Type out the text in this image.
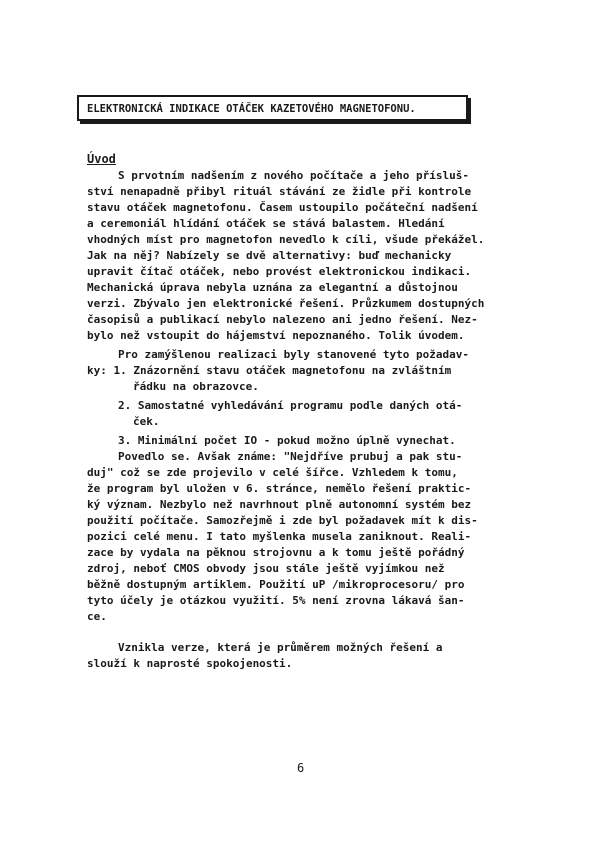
ELEKTRONICKÁ INDIKACE OTÁČEK KAZETOVÉHO MAGNETOFONU.
Úvod
S prvotním nadšením z nového počítače a jeho přísluš-
ství nenapadně přibyl rituál stávání ze židle při kontrole
stavu otáček magnetofonu. Časem ustoupilo počáteční nadšení
a ceremoniál hlídání otáček se stává balastem. Hledání
vhodných míst pro magnetofon nevedlo k cíli, všude překážel.
Jak na něj? Nabízely se dvě alternativy: buď mechanicky
upravit čítač otáček, nebo provést elektronickou indikaci.
Mechanická úprava nebyla uznána za elegantní a důstojnou
verzi. Zbývalo jen elektronické řešení. Průzkumem dostupných
časopisů a publikací nebylo nalezeno ani jedno řešení. Nez-
bylo než vstoupit do hájemství nepoznaného. Tolik úvodem.
Pro zamýšlenou realizaci byly stanovené tyto požadav-
ky: 1. Znázornění stavu otáček magnetofonu na zvláštním
řádku na obrazovce.
2. Samostatné vyhledávání programu podle daných otá-
ček.
3. Minimální počet IO - pokud možno úplně vynechat.
Povedlo se. Avšak známe: "Nejdříve prubuj a pak stu-
duj" což se zde projevilo v celé šířce. Vzhledem k tomu,
že program byl uložen v 6. stránce, nemělo řešení praktic-
ký význam. Nezbylo než navrhnout plně autonomní systém bez
použití počítače. Samozřejmě i zde byl požadavek mít k dis-
pozici celé menu. I tato myšlenka musela zaniknout. Reali-
zace by vydala na pěknou strojovnu a k tomu ještě pořádný
zdroj, neboť CMOS obvody jsou stále ještě vyjímkou než
běžně dostupným artiklem. Použití uP /mikroprocesoru/ pro
tyto účely je otázkou využití. 5% není zrovna lákavá šan-
ce.
Vznikla verze, která je průměrem možných řešení a
slouží k naprosté spokojenosti.
6
